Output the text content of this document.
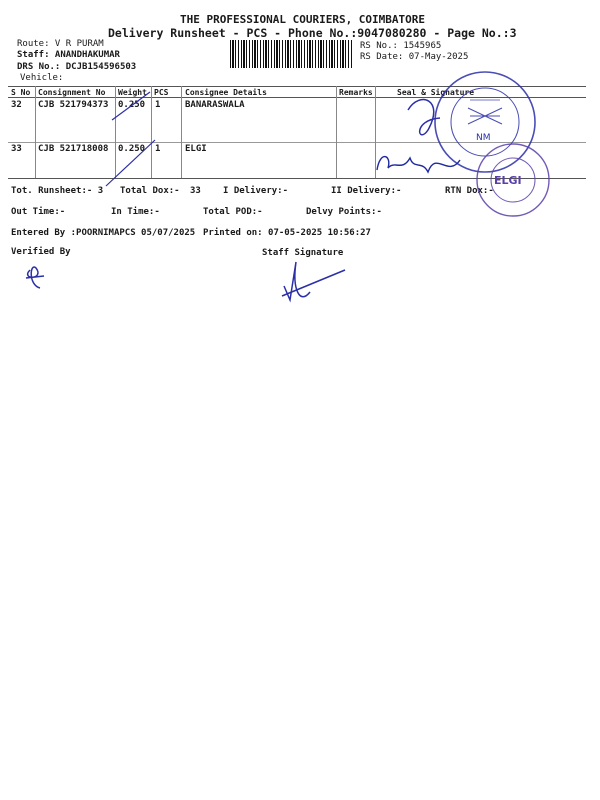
THE PROFESSIONAL COURIERS, COIMBATORE
Delivery Runsheet - PCS - Phone No.:9047080280 - Page No.:3
Route: V R PURAM
Staff: ANANDHAKUMAR
DRS No.: DCJB154596503
Vehicle:
RS No.: 1545965
RS Date: 07-May-2025
S No Consignment No Weight PCS Consignee Details	Remarks	Seal & Signature
32 CJB 521794373 0.250 1	BANARASWALA
33 CJB 521718008 0.250 1	ELGI
Tot. Runsheet:- 3 Total Dox:- 33 I Delivery:-	II Delivery:-	RTN Dox:-
Out Time:-	In Time:-	Total POD:-	Delvy Points:-
Entered By :POORNIMAPCS 05/07/2025 Printed on: 07-05-2025 10:56:27
Verified By	Staff Signature
NM
ELGI
